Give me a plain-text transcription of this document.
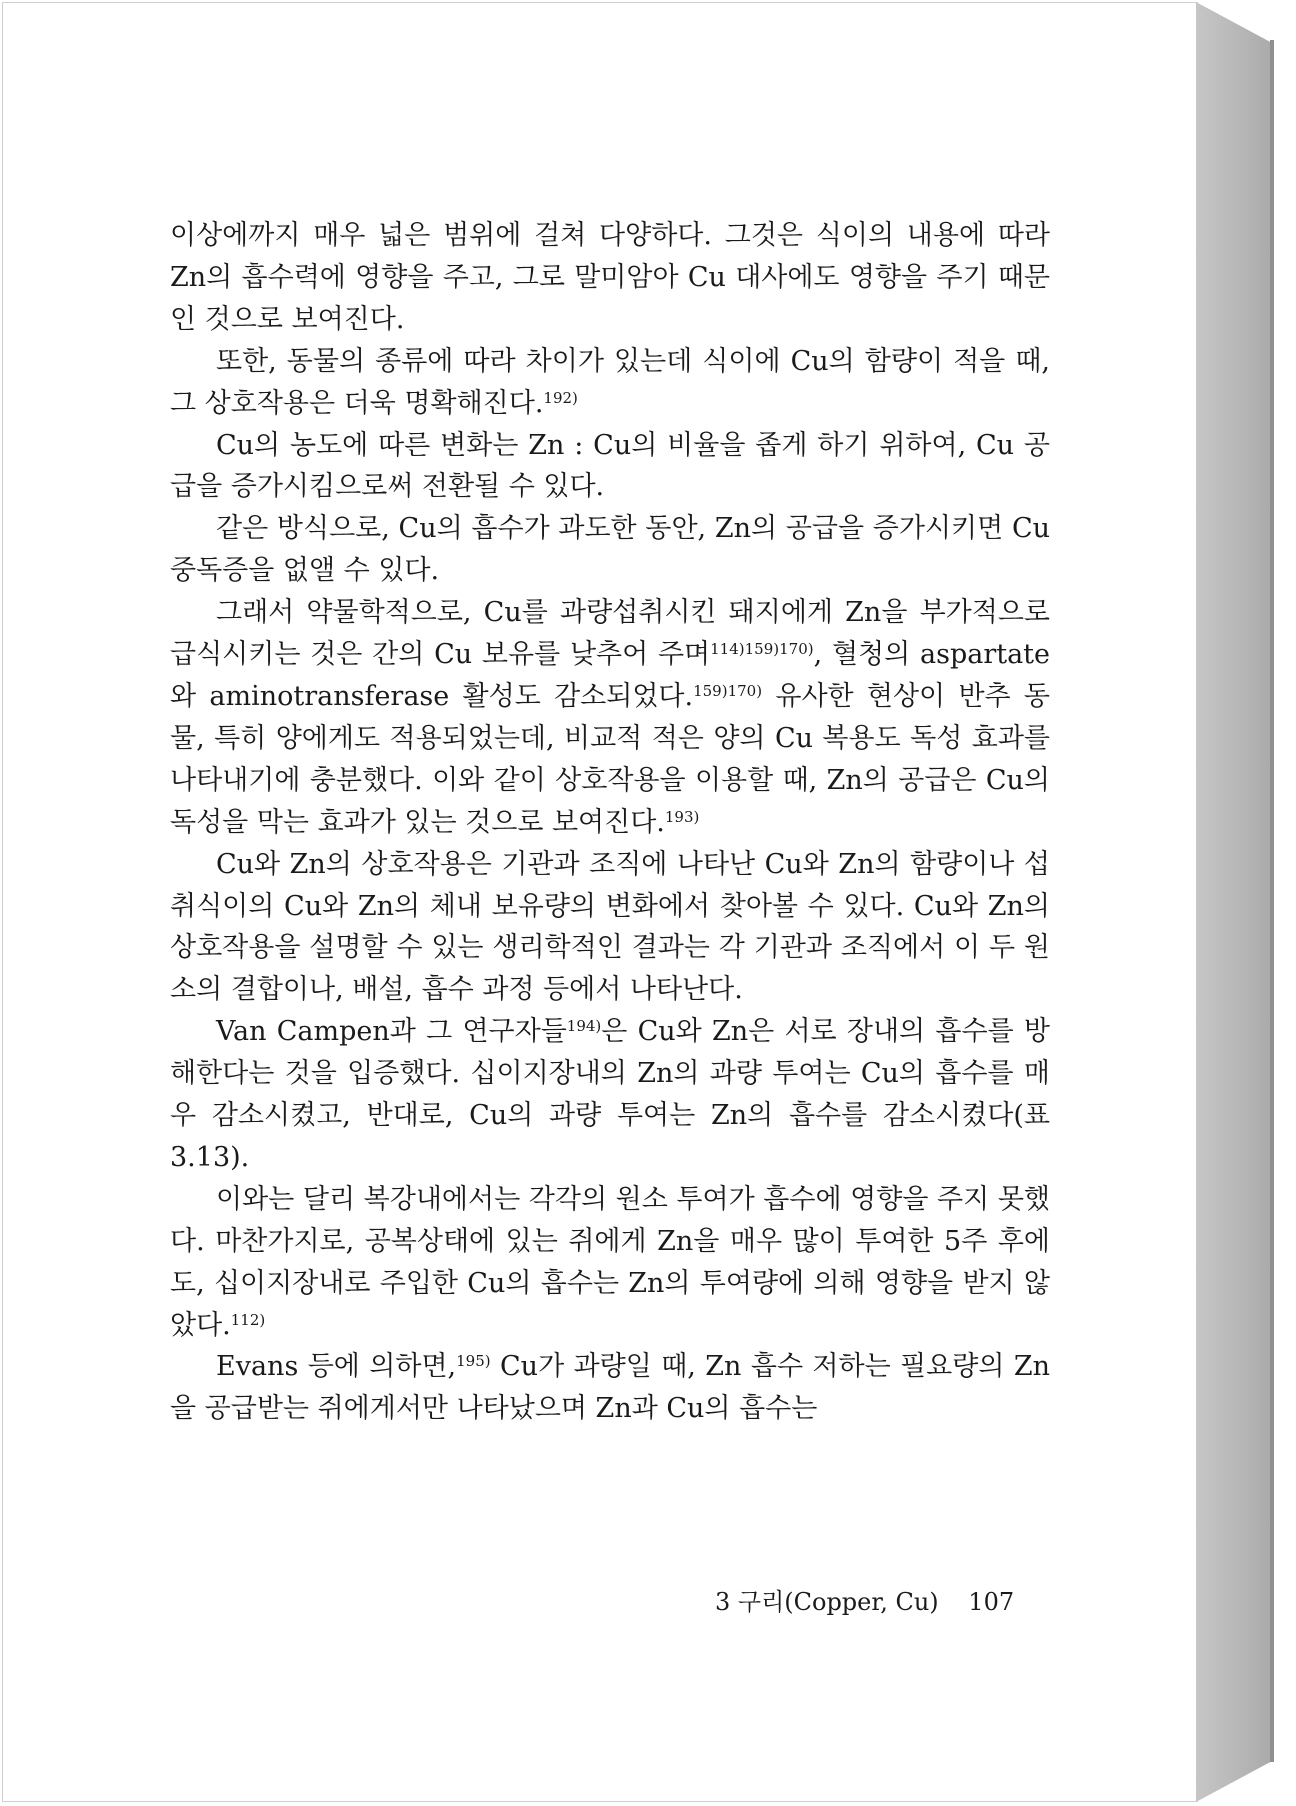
이상에까지 매우 넓은 범위에 걸쳐 다양하다. 그것은 식이의 내용에 따라 Zn의 흡수력에 영향을 주고, 그로 말미암아 Cu 대사에도 영향을 주기 때문인 것으로 보여진다.

또한, 동물의 종류에 따라 차이가 있는데 식이에 Cu의 함량이 적을 때, 그 상호작용은 더욱 명확해진다.$^{192)}$

Cu의 농도에 따른 변화는 Zn : Cu의 비율을 좁게 하기 위하여, Cu 공급을 증가시킴으로써 전환될 수 있다.

같은 방식으로, Cu의 흡수가 과도한 동안, Zn의 공급을 증가시키면 Cu 중독증을 없앨 수 있다.

그래서 약물학적으로, Cu를 과량섭취시킨 돼지에게 Zn을 부가적으로 급식시키는 것은 간의 Cu 보유를 낮추어 주며$^{114)159)170)}$, 혈청의 aspartate와 aminotransferase 활성도 감소되었다.$^{159)170)}$ 유사한 현상이 반추 동물, 특히 양에게도 적용되었는데, 비교적 적은 양의 Cu 복용도 독성 효과를 나타내기에 충분했다. 이와 같이 상호작용을 이용할 때, Zn의 공급은 Cu의 독성을 막는 효과가 있는 것으로 보여진다.$^{193)}$

Cu와 Zn의 상호작용은 기관과 조직에 나타난 Cu와 Zn의 함량이나 섭취식이의 Cu와 Zn의 체내 보유량의 변화에서 찾아볼 수 있다. Cu와 Zn의 상호작용을 설명할 수 있는 생리학적인 결과는 각 기관과 조직에서 이 두 원소의 결합이나, 배설, 흡수 과정 등에서 나타난다.

Van Campen과 그 연구자들$^{194)}$은 Cu와 Zn은 서로 장내의 흡수를 방해한다는 것을 입증했다. 십이지장내의 Zn의 과량 투여는 Cu의 흡수를 매우 감소시켰고, 반대로, Cu의 과량 투여는 Zn의 흡수를 감소시켰다(표 3.13).

이와는 달리 복강내에서는 각각의 원소 투여가 흡수에 영향을 주지 못했다. 마찬가지로, 공복상태에 있는 쥐에게 Zn을 매우 많이 투여한 5주 후에도, 십이지장내로 주입한 Cu의 흡수는 Zn의 투여량에 의해 영향을 받지 않았다.$^{112)}$

Evans 등에 의하면,$^{195)}$ Cu가 과량일 때, Zn 흡수 저하는 필요량의 Zn을 공급받는 쥐에게서만 나타났으며 Zn과 Cu의 흡수는

3 구리(Copper, Cu) 107
